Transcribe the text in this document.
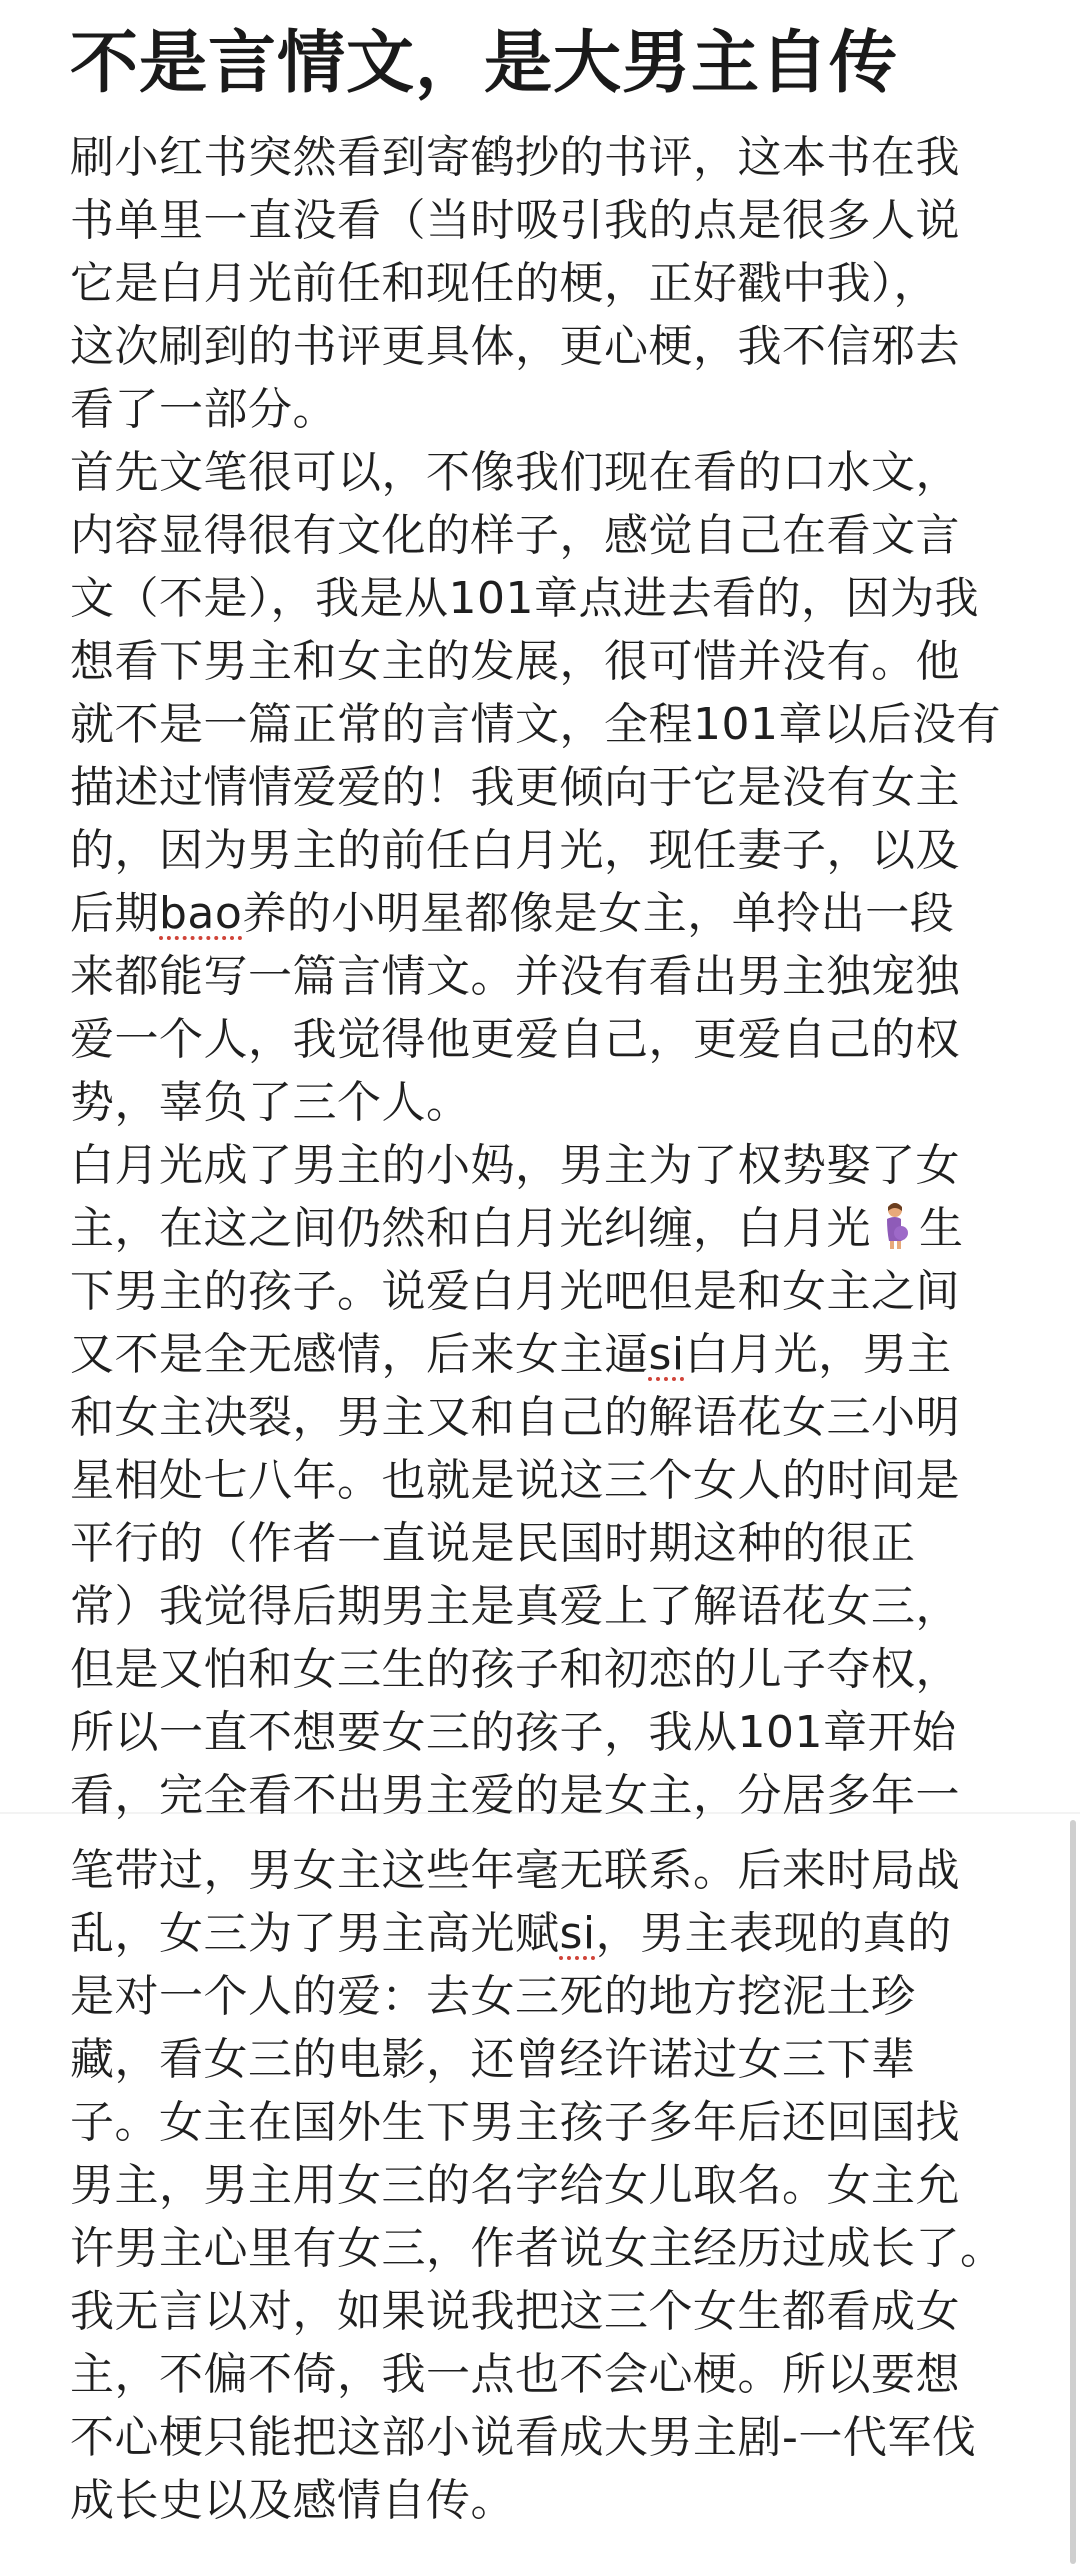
不是言情文，是大男主自传

刷小红书突然看到寄鹤抄的书评，这本书在我

书单里一直没看（当时吸引我的点是很多人说

它是白月光前任和现任的梗，正好戳中我），

这次刷到的书评更具体，更心梗，我不信邪去

看了一部分。

首先文笔很可以，不像我们现在看的口水文，

内容显得很有文化的样子，感觉自己在看文言

文（不是），我是从101章点进去看的，因为我

想看下男主和女主的发展，很可惜并没有。他

就不是一篇正常的言情文，全程101章以后没有

描述过情情爱爱的！我更倾向于它是没有女主

的，因为男主的前任白月光，现任妻子，以及

后期bao养的小明星都像是女主，单拎出一段

来都能写一篇言情文。并没有看出男主独宠独

爱一个人，我觉得他更爱自己，更爱自己的权

势，辜负了三个人。

白月光成了男主的小妈，男主为了权势娶了女

主，在这之间仍然和白月光纠缠，白月光 生

下男主的孩子。说爱白月光吧但是和女主之间

又不是全无感情，后来女主逼si白月光，男主

和女主决裂，男主又和自己的解语花女三小明

星相处七八年。也就是说这三个女人的时间是

平行的（作者一直说是民国时期这种的很正

常）我觉得后期男主是真爱上了解语花女三，

但是又怕和女三生的孩子和初恋的儿子夺权，

所以一直不想要女三的孩子，我从101章开始

看，完全看不出男主爱的是女主，分居多年一

笔带过，男女主这些年毫无联系。后来时局战

乱，女三为了男主高光赋si，男主表现的真的

是对一个人的爱：去女三死的地方挖泥土珍

藏，看女三的电影，还曾经许诺过女三下辈

子。女主在国外生下男主孩子多年后还回国找

男主，男主用女三的名字给女儿取名。女主允

许男主心里有女三，作者说女主经历过成长了。

我无言以对，如果说我把这三个女生都看成女

主，不偏不倚，我一点也不会心梗。所以要想

不心梗只能把这部小说看成大男主剧-一代军伐

成长史以及感情自传。
